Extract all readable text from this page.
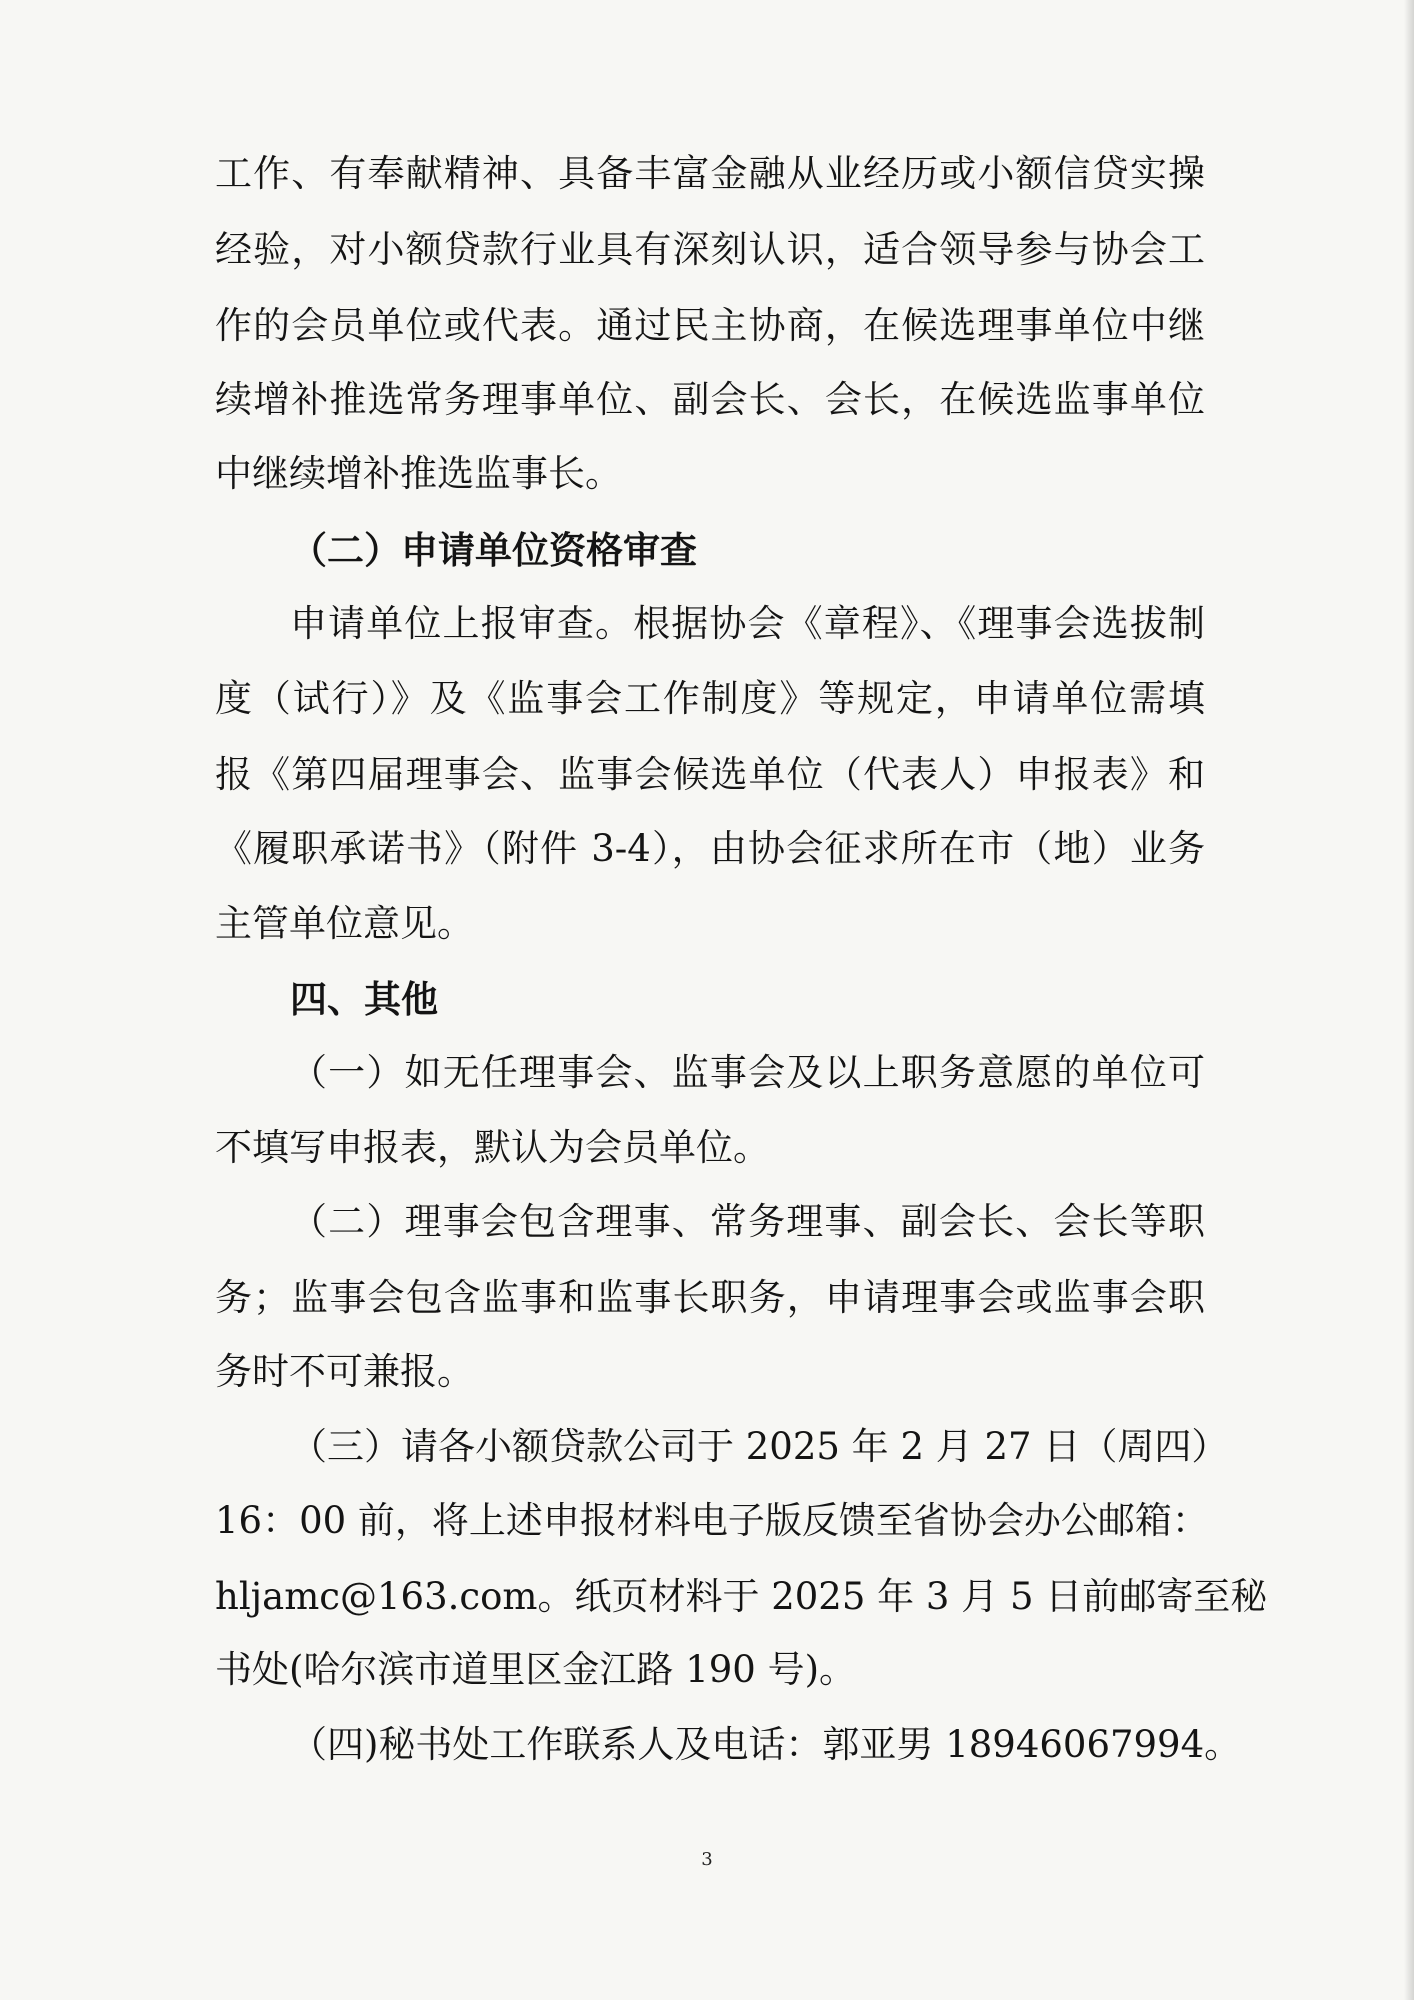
工作、有奉献精神、具备丰富金融从业经历或小额信贷实操

经验，对小额贷款行业具有深刻认识，适合领导参与协会工

作的会员单位或代表。通过民主协商，在候选理事单位中继

续增补推选常务理事单位、副会长、会长，在候选监事单位

中继续增补推选监事长。

（二）申请单位资格审查

申请单位上报审查。根据协会《章程》、《理事会选拔制

度（试行）》及《监事会工作制度》等规定，申请单位需填

报《第四届理事会、监事会候选单位（代表人）申报表》和

《履职承诺书》（附件 3-4），由协会征求所在市（地）业务

主管单位意见。

四、其他

（一）如无任理事会、监事会及以上职务意愿的单位可

不填写申报表，默认为会员单位。

（二）理事会包含理事、常务理事、副会长、会长等职

务；监事会包含监事和监事长职务，申请理事会或监事会职

务时不可兼报。

（三）请各小额贷款公司于 2025 年 2 月 27 日（周四）

16：00 前，将上述申报材料电子版反馈至省协会办公邮箱：

hljamc@163.com。纸页材料于 2025 年 3 月 5 日前邮寄至秘

书处(哈尔滨市道里区金江路 190 号)。

（四)秘书处工作联系人及电话：郭亚男 18946067994。

3
